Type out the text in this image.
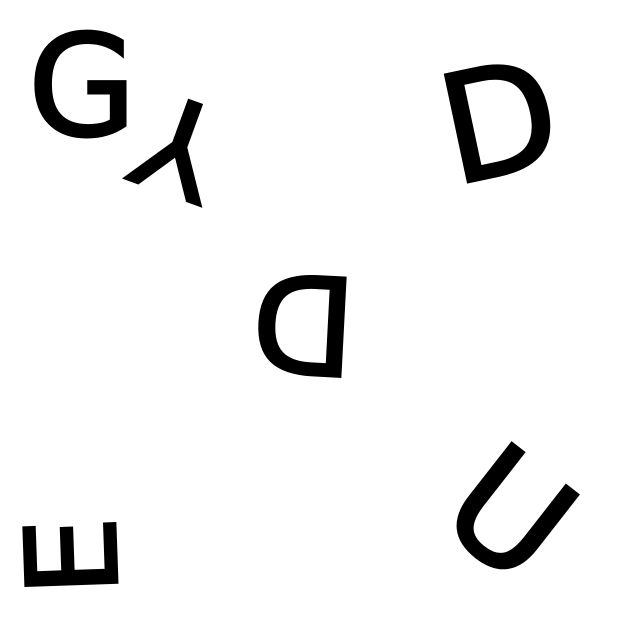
G
Y D
D
E U
